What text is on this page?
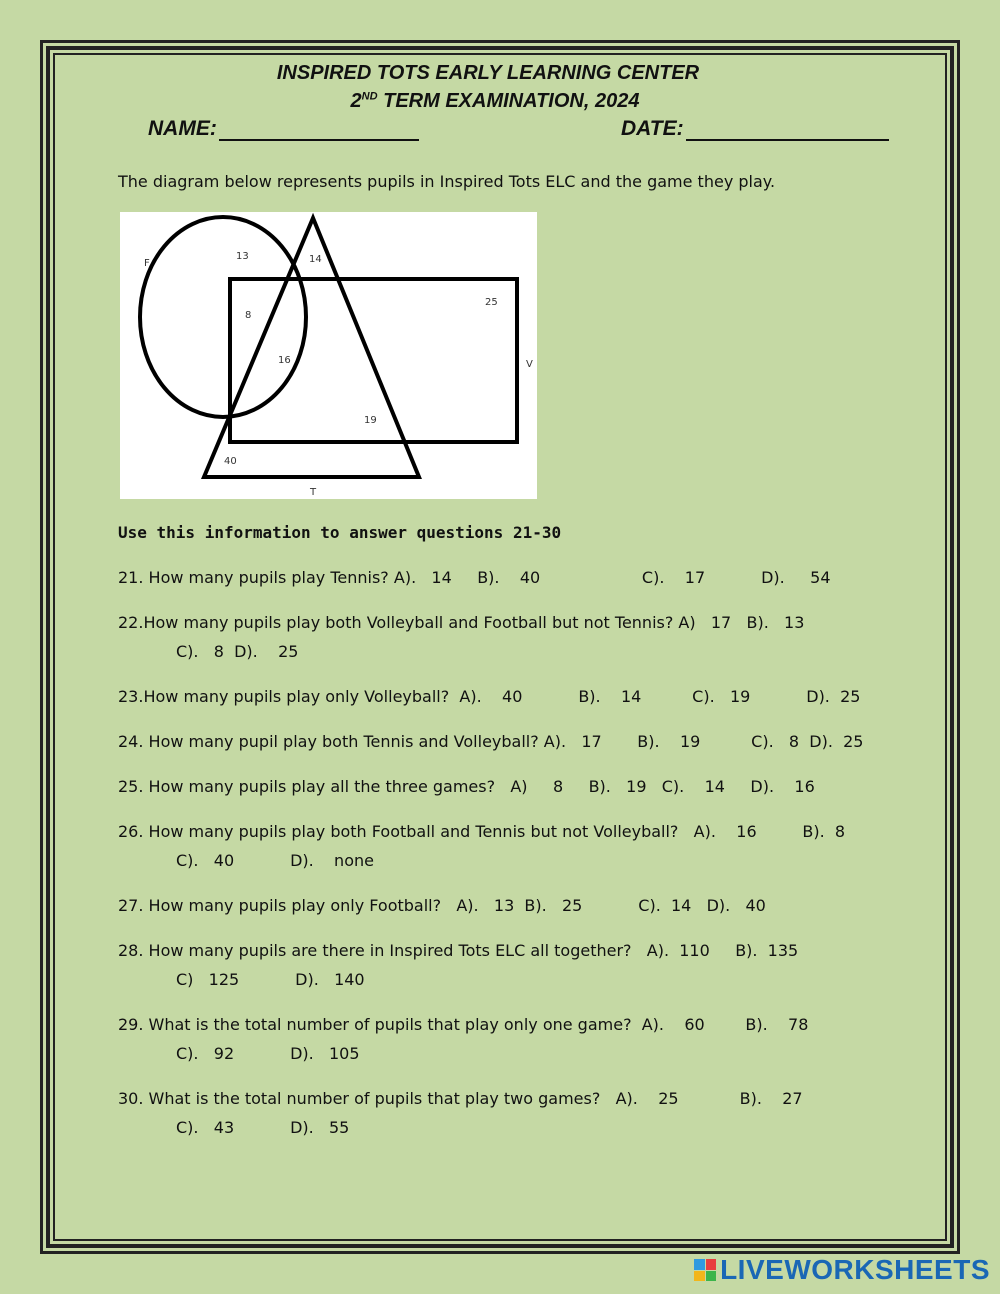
INSPIRED TOTS EARLY LEARNING CENTER
2ND TERM EXAMINATION, 2024
NAME:	DATE:
The diagram below represents pupils in Inspired Tots ELC and the game they play.
F
V
T
13	14
25
8
16
19
40
Use this information to answer questions 21-30
21. How many pupils play Tennis? A).   14     B).    40                    C).    17           D).     54
22.How many pupils play both Volleyball and Football but not Tennis? A)   17   B).   13
C).   8  D).    25
23.How many pupils play only Volleyball?  A).    40           B).    14          C).   19           D).  25
24. How many pupil play both Tennis and Volleyball? A).   17       B).    19          C).   8  D).  25
25. How many pupils play all the three games?   A)     8     B).   19   C).    14     D).    16
26. How many pupils play both Football and Tennis but not Volleyball?   A).    16         B).  8
C).   40           D).    none
27. How many pupils play only Football?   A).   13  B).   25           C).  14   D).   40
28. How many pupils are there in Inspired Tots ELC all together?   A).  110     B).  135
C)   125           D).   140
29. What is the total number of pupils that play only one game?  A).    60        B).    78
C).   92           D).   105
30. What is the total number of pupils that play two games?   A).    25            B).    27
C).   43           D).   55
LIVEWORKSHEETS
